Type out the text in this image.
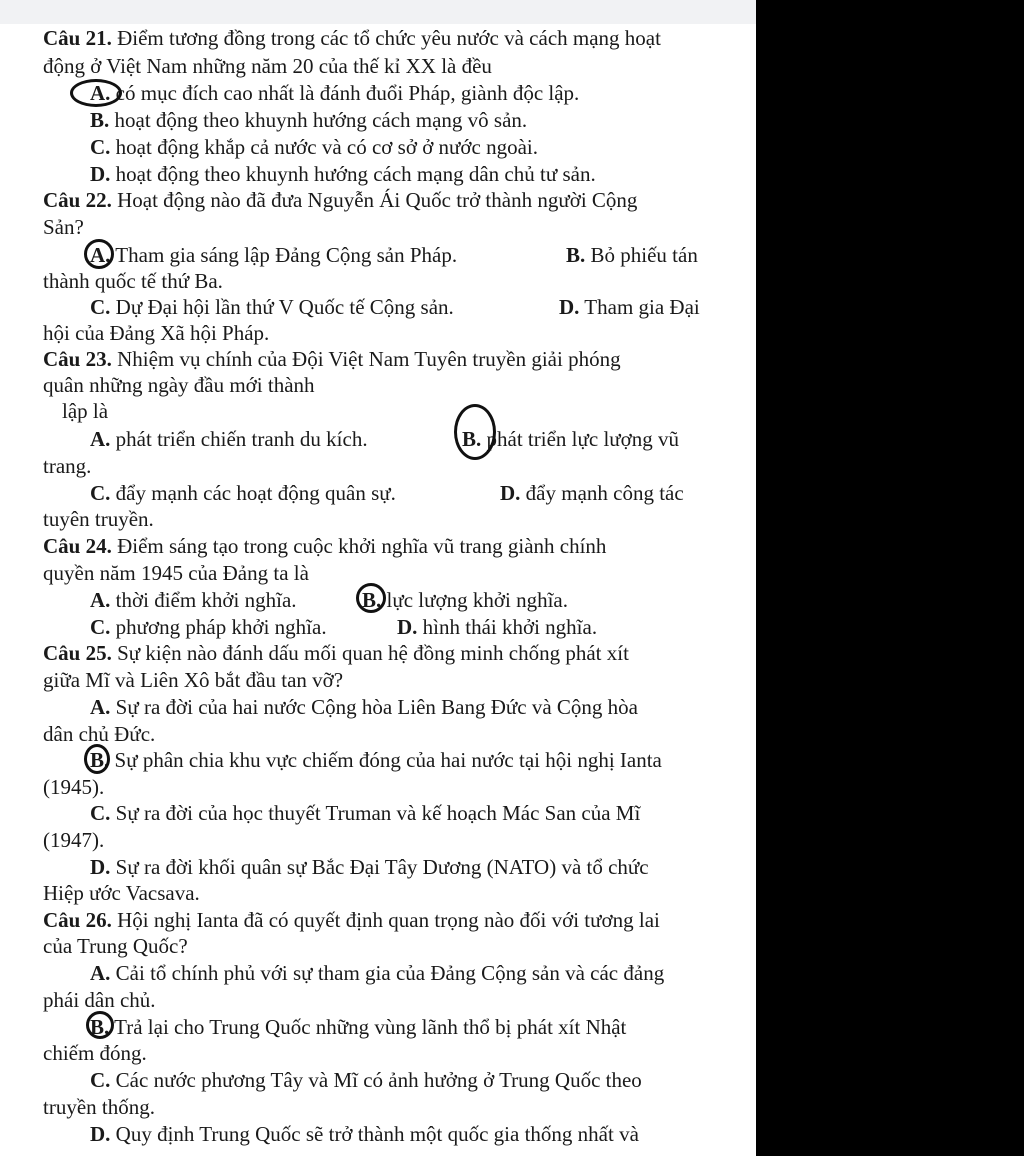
Câu 21. Điểm tương đồng trong các tổ chức yêu nước và cách mạng hoạt
động ở Việt Nam những năm 20 của thế kỉ XX là đều
A. có mục đích cao nhất là đánh đuổi Pháp, giành độc lập.
B. hoạt động theo khuynh hướng cách mạng vô sản.
C. hoạt động khắp cả nước và có cơ sở ở nước ngoài.
D. hoạt động theo khuynh hướng cách mạng dân chủ tư sản.
Câu 22. Hoạt động nào đã đưa Nguyễn Ái Quốc trở thành người Cộng
Sản?
A. Tham gia sáng lập Đảng Cộng sản Pháp.	B. Bỏ phiếu tán
thành quốc tế thứ Ba.
C. Dự Đại hội lần thứ V Quốc tế Cộng sản.	D. Tham gia Đại
hội của Đảng Xã hội Pháp.
Câu 23. Nhiệm vụ chính của Đội Việt Nam Tuyên truyền giải phóng
quân những ngày đầu mới thành
lập là
A. phát triển chiến tranh du kích.	B. phát triển lực lượng vũ
trang.
C. đẩy mạnh các hoạt động quân sự.	D. đẩy mạnh công tác
tuyên truyền.
Câu 24. Điểm sáng tạo trong cuộc khởi nghĩa vũ trang giành chính
quyền năm 1945 của Đảng ta là
A. thời điểm khởi nghĩa.	B. lực lượng khởi nghĩa.
C. phương pháp khởi nghĩa.	D. hình thái khởi nghĩa.
Câu 25. Sự kiện nào đánh dấu mối quan hệ đồng minh chống phát xít
giữa Mĩ và Liên Xô bắt đầu tan vỡ?
A. Sự ra đời của hai nước Cộng hòa Liên Bang Đức và Cộng hòa
dân chủ Đức.
B. Sự phân chia khu vực chiếm đóng của hai nước tại hội nghị Ianta
(1945).
C. Sự ra đời của học thuyết Truman và kế hoạch Mác San của Mĩ
(1947).
D. Sự ra đời khối quân sự Bắc Đại Tây Dương (NATO) và tổ chức
Hiệp ước Vacsava.
Câu 26. Hội nghị Ianta đã có quyết định quan trọng nào đối với tương lai
của Trung Quốc?
A. Cải tổ chính phủ với sự tham gia của Đảng Cộng sản và các đảng
phái dân chủ.
B. Trả lại cho Trung Quốc những vùng lãnh thổ bị phát xít Nhật
chiếm đóng.
C. Các nước phương Tây và Mĩ có ảnh hưởng ở Trung Quốc theo
truyền thống.
D. Quy định Trung Quốc sẽ trở thành một quốc gia thống nhất và
